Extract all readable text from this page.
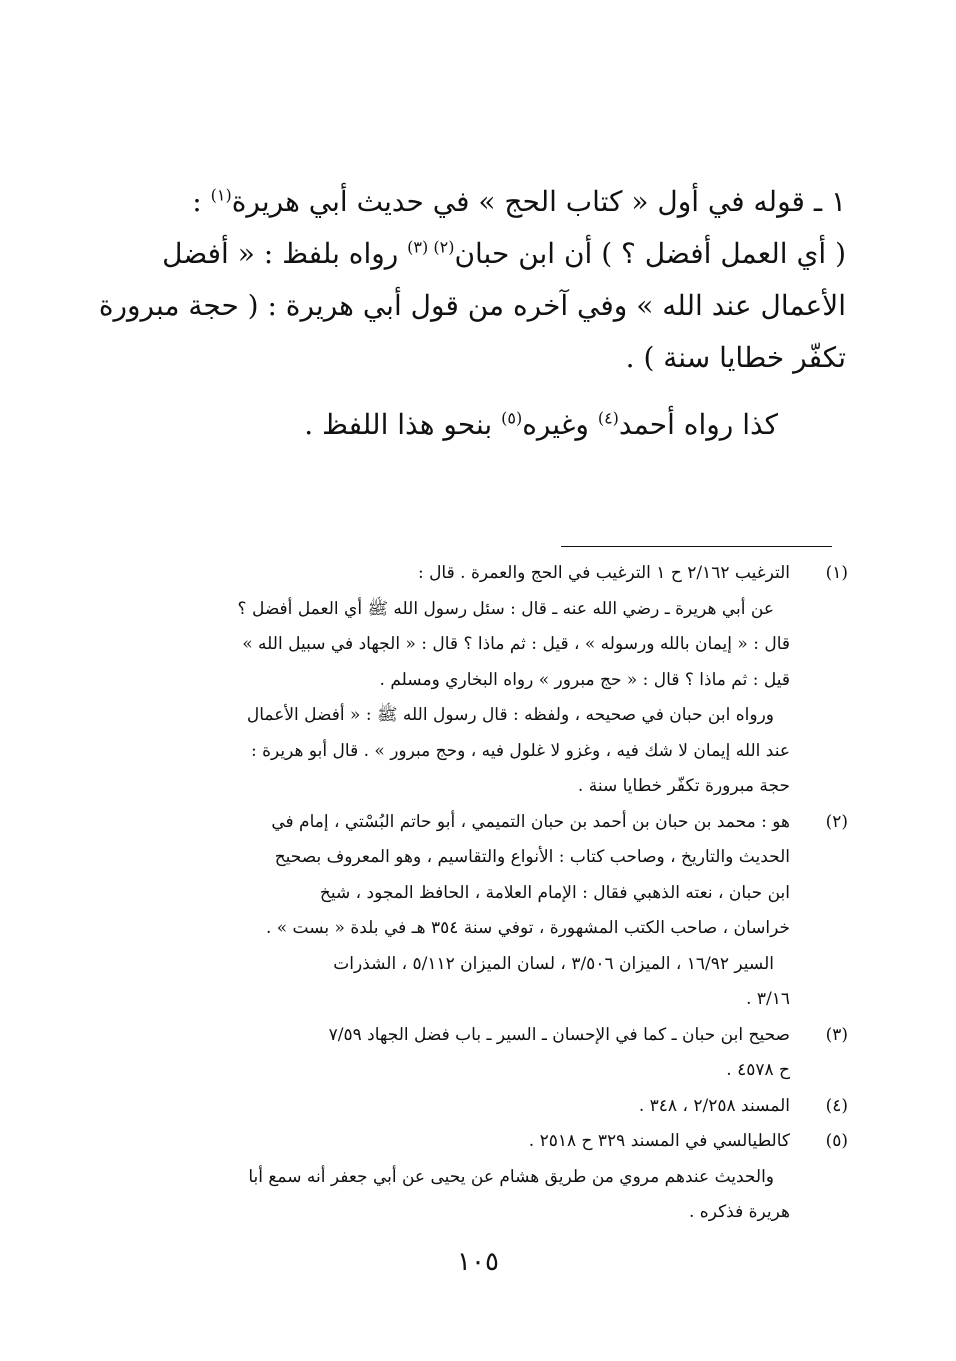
١ ـ قوله في أول « كتاب الحج » في حديث أبي هريرة$^{(١)}$ :
( أي العمل أفضل ؟ ) أن ابن حبان$^{(٢)}$ $^{(٣)}$ رواه بلفظ : « أفضل
الأعمال عند الله » وفي آخره من قول أبي هريرة : ( حجة مبرورة
تكفّر خطايا سنة ) .
كذا رواه أحمد$^{(٤)}$ وغيره$^{(٥)}$ بنحو هذا اللفظ .
(١)
الترغيب ٢/١٦٢ ح ١ الترغيب في الحج والعمرة . قال :
عن أبي هريرة ـ رضي الله عنه ـ قال : سئل رسول الله ﷺ أي العمل أفضل ؟
قال : « إيمان بالله ورسوله » ، قيل : ثم ماذا ؟ قال : « الجهاد في سبيل الله »
قيل : ثم ماذا ؟ قال : « حج مبرور » رواه البخاري ومسلم .
ورواه ابن حبان في صحيحه ، ولفظه : قال رسول الله ﷺ : « أفضل الأعمال
عند الله إيمان لا شك فيه ، وغزو لا غلول فيه ، وحج مبرور » . قال أبو هريرة :
حجة مبرورة تكفّر خطايا سنة .
(٢)
هو : محمد بن حبان بن أحمد بن حبان التميمي ، أبو حاتم البُسْتي ، إمام في
الحديث والتاريخ ، وصاحب كتاب : الأنواع والتقاسيم ، وهو المعروف بصحيح
ابن حبان ، نعته الذهبي فقال : الإمام العلامة ، الحافظ المجود ، شيخ
خراسان ، صاحب الكتب المشهورة ، توفي سنة ٣٥٤ هـ في بلدة « بست » .
السير ١٦/٩٢ ، الميزان ٣/٥٠٦ ، لسان الميزان ٥/١١٢ ، الشذرات
٣/١٦ .
(٣)
صحيح ابن حبان ـ كما في الإحسان ـ السير ـ باب فضل الجهاد ٧/٥٩
ح ٤٥٧٨ .
(٤)
المسند ٢/٢٥٨ ، ٣٤٨ .
(٥)
كالطيالسي في المسند ٣٢٩ ح ٢٥١٨ .
والحديث عندهم مروي من طريق هشام عن يحيى عن أبي جعفر أنه سمع أبا
هريرة فذكره .
١٠٥
